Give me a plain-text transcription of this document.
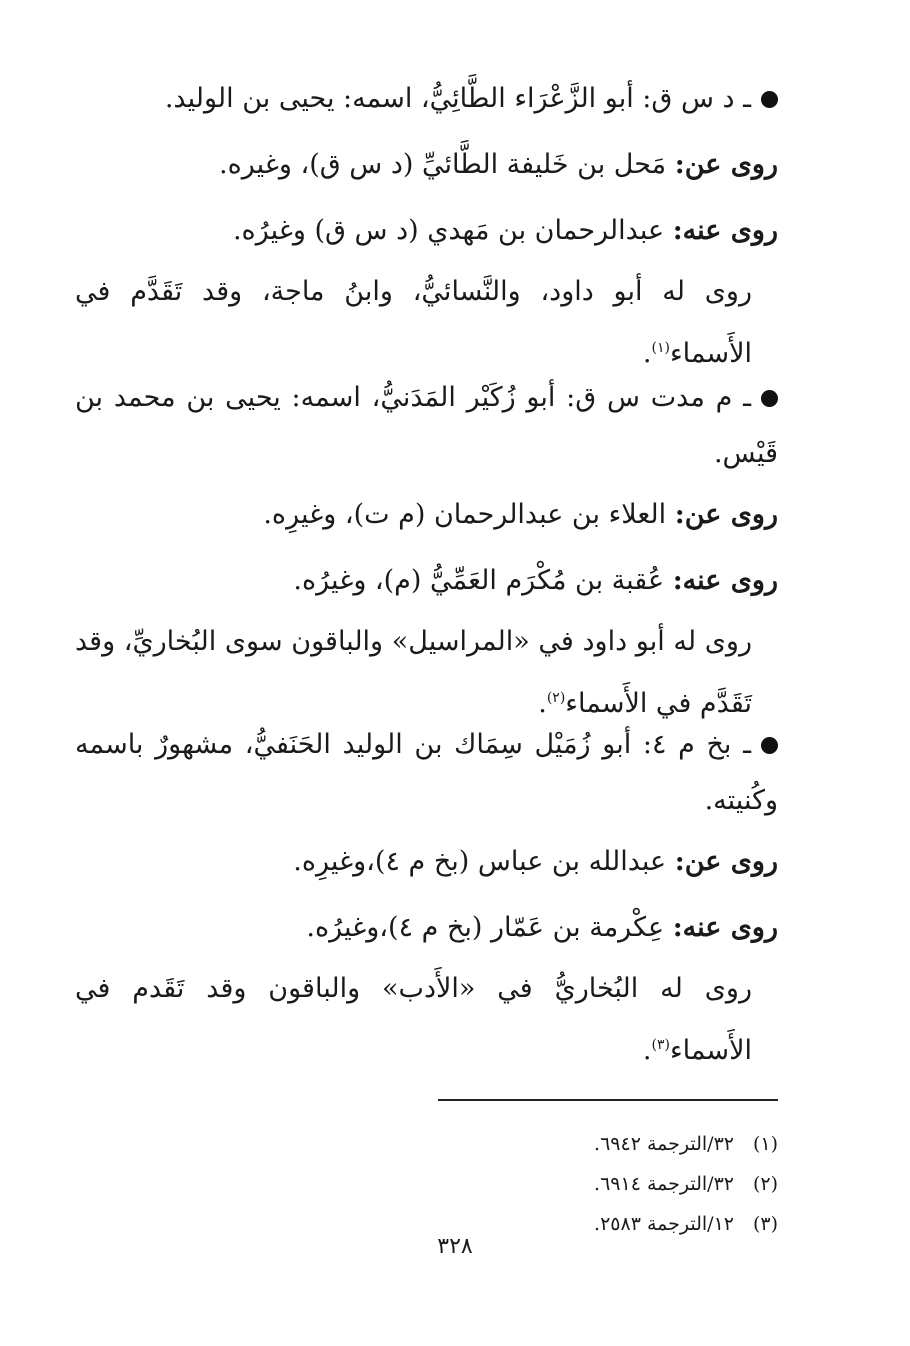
ـ د س ق: أبو الزَّعْرَاء الطَّائِيُّ، اسمه: يحيى بن الوليد.
روى عن: مَحل بن خَليفة الطَّائيِّ (د س ق)، وغيره.
روى عنه: عبدالرحمان بن مَهدي (د س ق) وغيرُه.
روى له أبو داود، والنَّسائيُّ، وابنُ ماجة، وقد تَقَدَّم في الأَسماء$^{(١)}$.
ـ م مدت س ق: أبو زُكَيْر المَدَنيُّ، اسمه: يحيى بن محمد بن قَيْس.
روى عن: العلاء بن عبدالرحمان (م ت)، وغيرِه.
روى عنه: عُقبة بن مُكْرَم العَمِّيُّ (م)، وغيرُه.
روى له أبو داود في «المراسيل» والباقون سوى البُخاريِّ، وقد تَقَدَّم في الأَسماء$^{(٢)}$.
ـ بخ م ٤: أبو زُمَيْل سِمَاك بن الوليد الحَنَفيُّ، مشهورٌ باسمه وكُنيته.
روى عن: عبدالله بن عباس (بخ م ٤)،وغيرِه.
روى عنه: عِكْرمة بن عَمّار (بخ م ٤)،وغيرُه.
روى له البُخاريُّ في «الأَدب» والباقون وقد تَقَدم في الأَسماء$^{(٣)}$.
(١)٣٢/الترجمة ٦٩٤٢.
(٢)٣٢/الترجمة ٦٩١٤.
(٣)١٢/الترجمة ٢٥٨٣.
٣٢٨
